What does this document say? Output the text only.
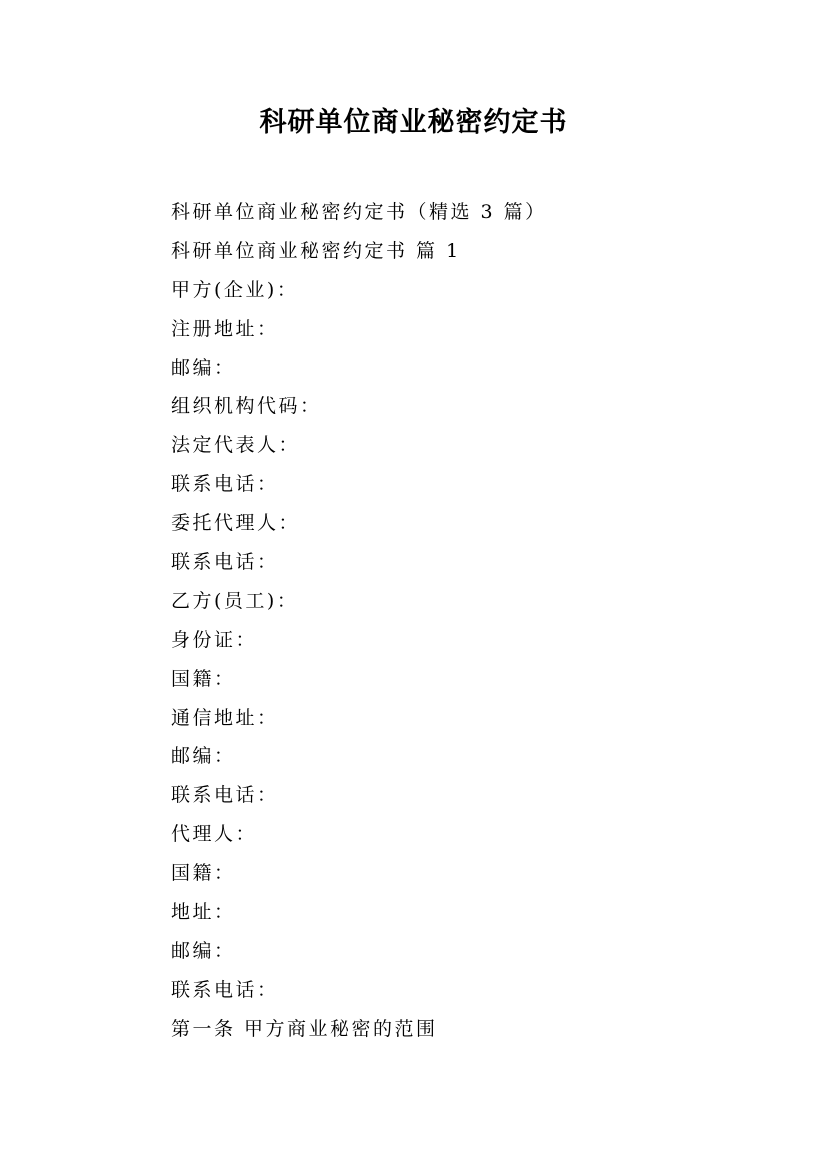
科研单位商业秘密约定书
科研单位商业秘密约定书（精选 3 篇）
科研单位商业秘密约定书 篇 1
甲方(企业)：
注册地址：
邮编：
组织机构代码：
法定代表人：
联系电话：
委托代理人：
联系电话：
乙方(员工)：
身份证：
国籍：
通信地址：
邮编：
联系电话：
代理人：
国籍：
地址：
邮编：
联系电话：
第一条 甲方商业秘密的范围
